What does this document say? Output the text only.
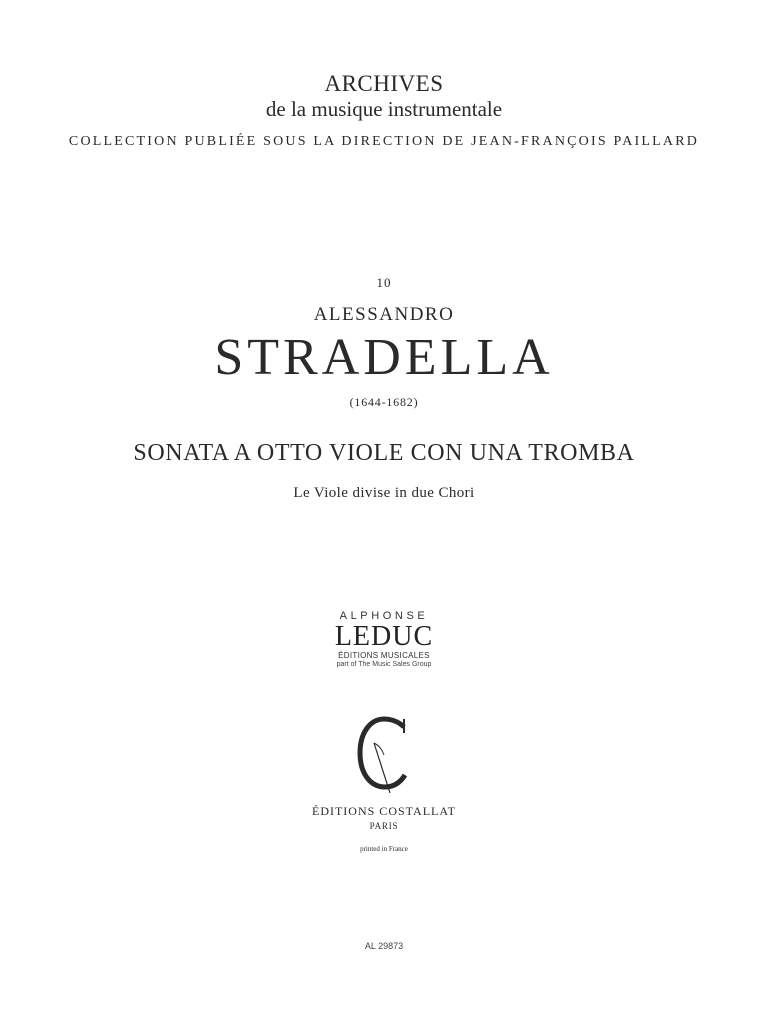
ARCHIVES
de la musique instrumentale
COLLECTION PUBLIÉE SOUS LA DIRECTION DE JEAN-FRANÇOIS PAILLARD
10
ALESSANDRO
STRADELLA
(1644-1682)
SONATA A OTTO VIOLE CON UNA TROMBA
Le Viole divise in due Chori
ALPHONSE
LEDUC
ÉDITIONS MUSICALES
part of The Music Sales Group
ÉDITIONS COSTALLAT
PARIS
printed in France
AL 29873
